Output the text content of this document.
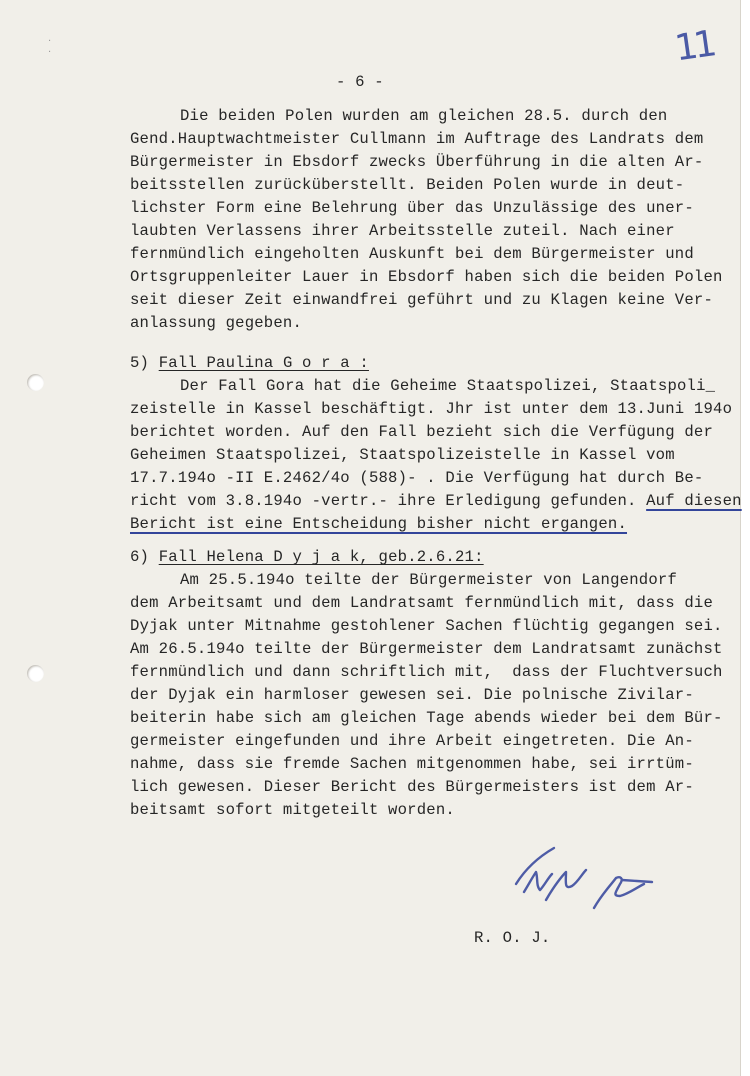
·
·	11
- 6 -
Die beiden Polen wurden am gleichen 28.5. durch den
Gend.Hauptwachtmeister Cullmann im Auftrage des Landrats dem
Bürgermeister in Ebsdorf zwecks Überführung in die alten Ar-
beitsstellen zurücküberstellt. Beiden Polen wurde in deut-
lichster Form eine Belehrung über das Unzulässige des uner-
laubten Verlassens ihrer Arbeitsstelle zuteil. Nach einer
fernmündlich eingeholten Auskunft bei dem Bürgermeister und
Ortsgruppenleiter Lauer in Ebsdorf haben sich die beiden Polen
seit dieser Zeit einwandfrei geführt und zu Klagen keine Ver-
anlassung gegeben.
5) Fall Paulina G o r a :
Der Fall Gora hat die Geheime Staatspolizei, Staatspoli_
zeistelle in Kassel beschäftigt. Jhr ist unter dem 13.Juni 194o
berichtet worden. Auf den Fall bezieht sich die Verfügung der
Geheimen Staatspolizei, Staatspolizeistelle in Kassel vom
17.7.194o -II E.2462/4o (588)- . Die Verfügung hat durch Be-
richt vom 3.8.194o -vertr.- ihre Erledigung gefunden. Auf diesen
Bericht ist eine Entscheidung bisher nicht ergangen.
6) Fall Helena D y j a k, geb.2.6.21:
Am 25.5.194o teilte der Bürgermeister von Langendorf
dem Arbeitsamt und dem Landratsamt fernmündlich mit, dass die
Dyjak unter Mitnahme gestohlener Sachen flüchtig gegangen sei.
Am 26.5.194o teilte der Bürgermeister dem Landratsamt zunächst
fernmündlich und dann schriftlich mit,  dass der Fluchtversuch
der Dyjak ein harmloser gewesen sei. Die polnische Zivilar-
beiterin habe sich am gleichen Tage abends wieder bei dem Bür-
germeister eingefunden und ihre Arbeit eingetreten. Die An-
nahme, dass sie fremde Sachen mitgenommen habe, sei irrtüm-
lich gewesen. Dieser Bericht des Bürgermeisters ist dem Ar-
beitsamt sofort mitgeteilt worden.
R. O. J.
